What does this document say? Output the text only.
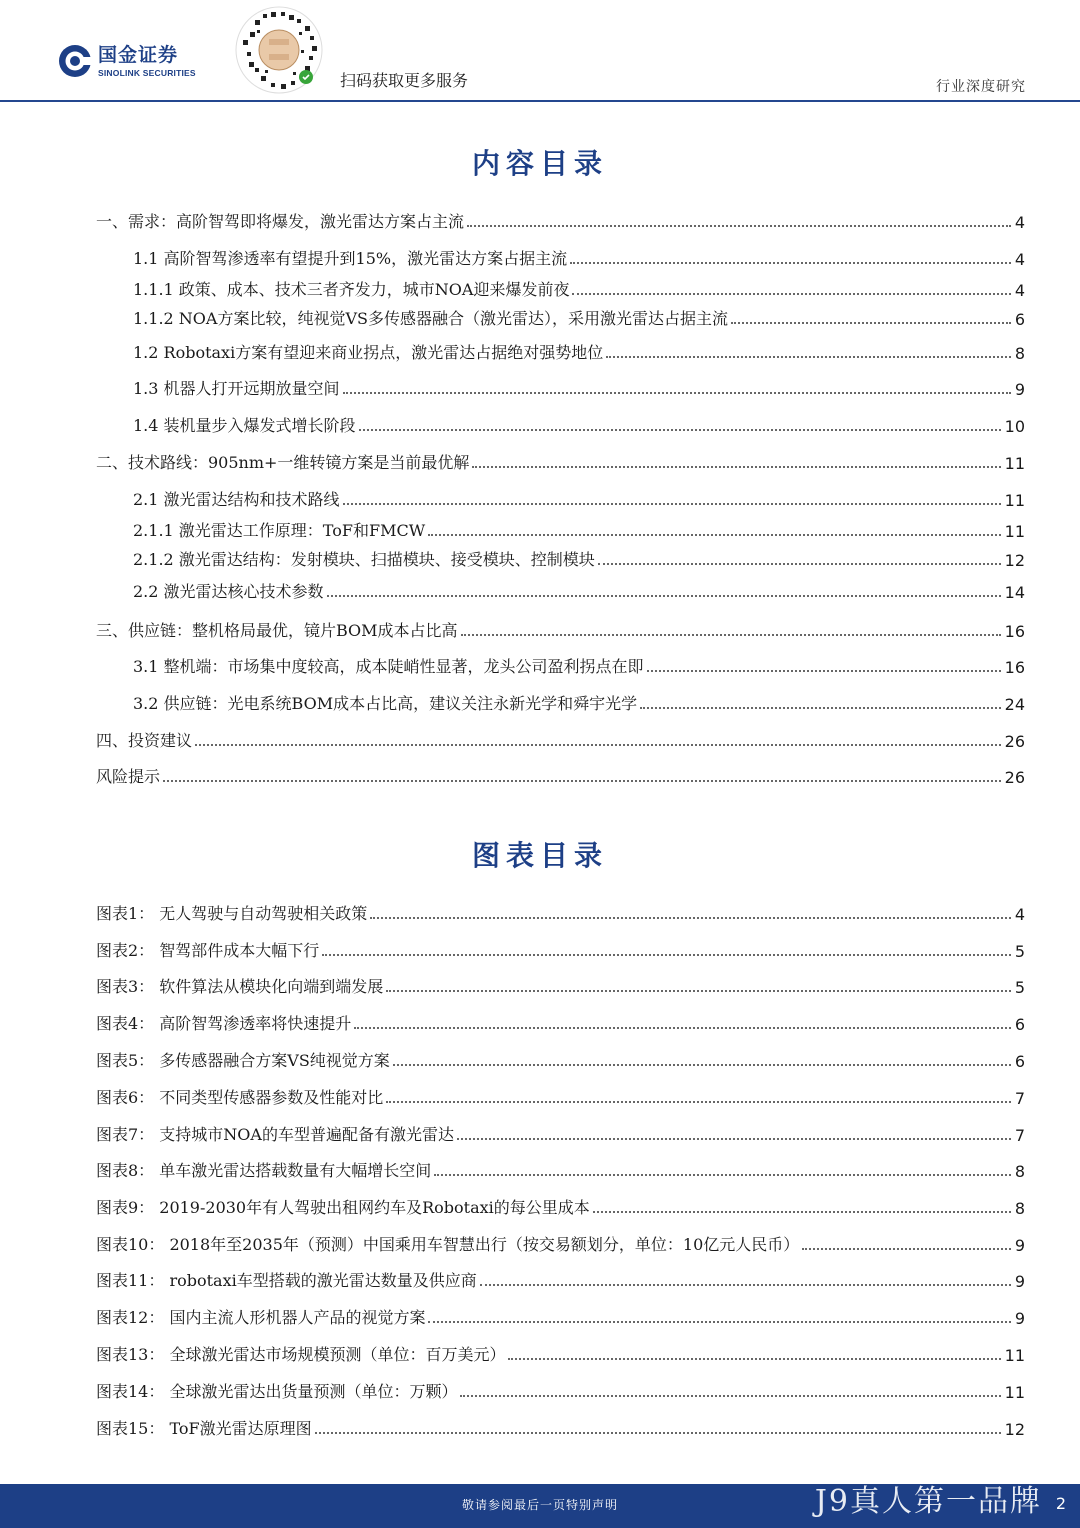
国金证券
SINOLINK SECURITIES	扫码获取更多服务	行业深度研究
内容目录
一、需求：高阶智驾即将爆发，激光雷达方案占主流	4
1.1 高阶智驾渗透率有望提升到15%，激光雷达方案占据主流	4
1.1.1 政策、成本、技术三者齐发力，城市NOA迎来爆发前夜	4
1.1.2 NOA方案比较，纯视觉VS多传感器融合（激光雷达），采用激光雷达占据主流	6
1.2 Robotaxi方案有望迎来商业拐点，激光雷达占据绝对强势地位	8
1.3 机器人打开远期放量空间	9
1.4 装机量步入爆发式增长阶段	10
二、技术路线：905nm+一维转镜方案是当前最优解	11
2.1 激光雷达结构和技术路线	11
2.1.1 激光雷达工作原理：ToF和FMCW	11
2.1.2 激光雷达结构：发射模块、扫描模块、接受模块、控制模块	12
2.2 激光雷达核心技术参数	14
三、供应链：整机格局最优，镜片BOM成本占比高	16
3.1 整机端：市场集中度较高，成本陡峭性显著，龙头公司盈利拐点在即	16
3.2 供应链：光电系统BOM成本占比高，建议关注永新光学和舜宇光学	24
四、投资建议	26
风险提示	26
图表目录
图表1： 无人驾驶与自动驾驶相关政策	4
图表2： 智驾部件成本大幅下行	5
图表3： 软件算法从模块化向端到端发展	5
图表4： 高阶智驾渗透率将快速提升	6
图表5： 多传感器融合方案VS纯视觉方案	6
图表6： 不同类型传感器参数及性能对比	7
图表7： 支持城市NOA的车型普遍配备有激光雷达	7
图表8： 单车激光雷达搭载数量有大幅增长空间	8
图表9： 2019-2030年有人驾驶出租网约车及Robotaxi的每公里成本	8
图表10： 2018年至2035年（预测）中国乘用车智慧出行（按交易额划分，单位：10亿元人民币）	9
图表11： robotaxi车型搭载的激光雷达数量及供应商	9
图表12： 国内主流人形机器人产品的视觉方案	9
图表13： 全球激光雷达市场规模预测（单位：百万美元）	11
图表14： 全球激光雷达出货量预测（单位：万颗）	11
图表15： ToF激光雷达原理图	12
敬请参阅最后一页特别声明	J9真人第一品牌 2
